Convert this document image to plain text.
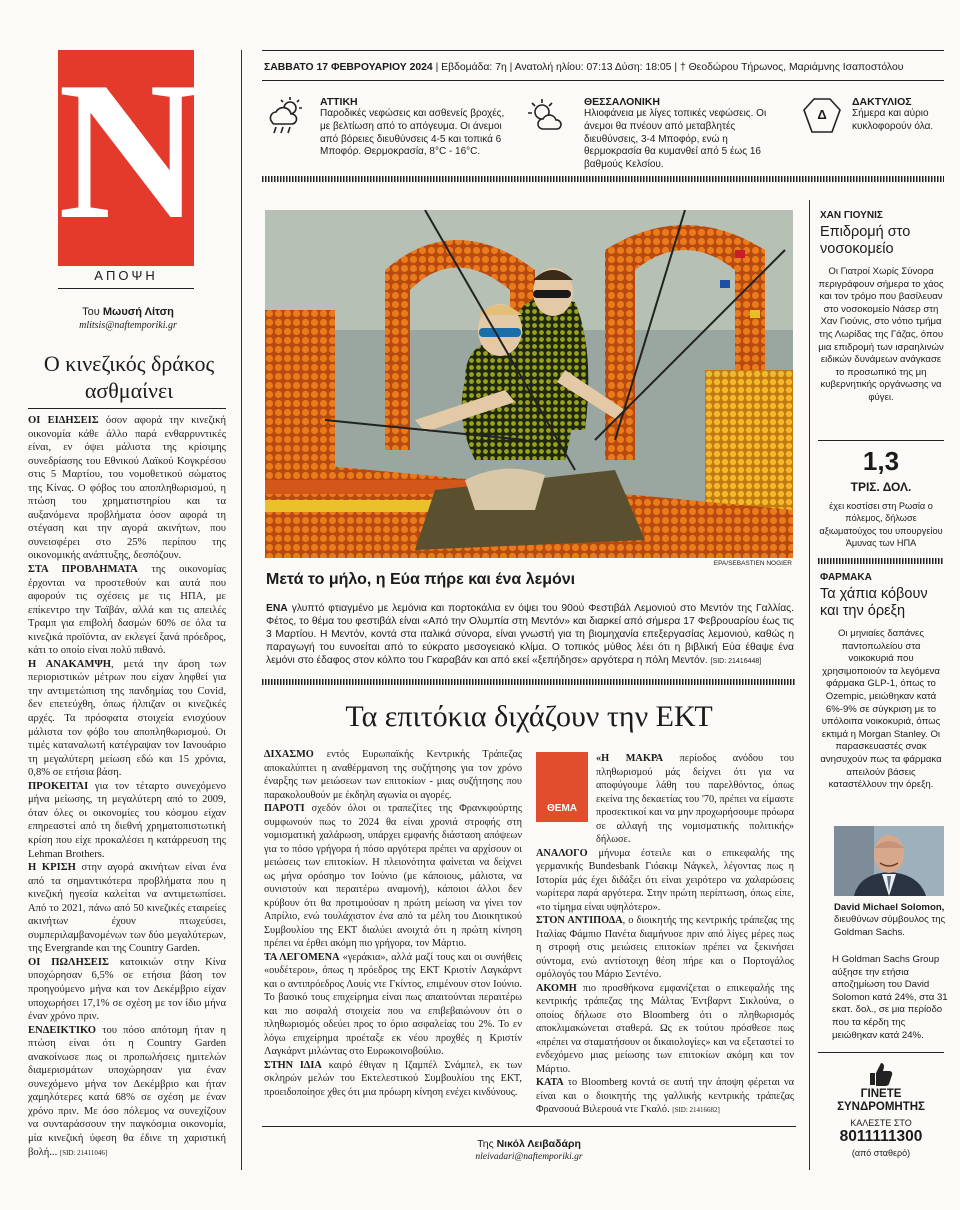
N
ΑΠΟΨΗ
Του Μωυσή Λίτση
mlitsis@naftemporiki.gr
Ο κινεζικός δράκος ασθμαίνει

ΟΙ ΕΙΔΗΣΕΙΣ όσον αφορά την κινεζική οικονομία κάθε άλλο παρά ενθαρρυντικές είναι, εν όψει μάλιστα της κρίσιμης συνεδρίασης του Εθνικού Λαϊκού Κογκρέσου στις 5 Μαρτίου, του νομοθετικού σώματος της Κίνας. Ο φόβος του αποπληθωρισμού, η πτώση του χρηματιστηρίου και τα αυξανόμενα προβλήματα όσον αφορά τη στέγαση και την αγορά ακινήτων, που συνεισφέρει στο 25% περίπου της οικονομικής ανάπτυξης, δεσπόζουν.

ΣΤΑ ΠΡΟΒΛΗΜΑΤΑ της οικονομίας έρχονται να προστεθούν και αυτά που αφορούν τις σχέσεις με τις ΗΠΑ, με επίκεντρο την Ταϊβάν, αλλά και τις απειλές Τραμπ για επιβολή δασμών 60% σε όλα τα κινεζικά προϊόντα, αν εκλεγεί ξανά πρόεδρος, κάτι το οποίο είναι πολύ πιθανό.

Η ΑΝΑΚΑΜΨΗ, μετά την άρση των περιοριστικών μέτρων που είχαν ληφθεί για την αντιμετώπιση της πανδημίας του Covid, δεν επετεύχθη, όπως ήλπιζαν οι κινεζικές αρχές. Τα πρόσφατα στοιχεία ενισχύουν μάλιστα τον φόβο του αποπληθωρισμού. Οι τιμές καταναλωτή κατέγραψαν τον Ιανουάριο τη μεγαλύτερη μείωση εδώ και 15 χρόνια, 0,8% σε ετήσια βάση.

ΠΡΟΚΕΙΤΑΙ για τον τέταρτο συνεχόμενο μήνα μείωσης, τη μεγαλύτερη από το 2009, όταν όλες οι οικονομίες του κόσμου είχαν επηρεαστεί από τη διεθνή χρηματοπιστωτική κρίση που είχε προκαλέσει η κατάρρευση της Lehman Brothers.

Η ΚΡΙΣΗ στην αγορά ακινήτων είναι ένα από τα σημαντικότερα προβλήματα που η κινεζική ηγεσία καλείται να αντιμετωπίσει. Από το 2021, πάνω από 50 κινεζικές εταιρείες ακινήτων έχουν πτωχεύσει, συμπεριλαμβανομένων των δύο μεγαλύτερων, της Evergrande και της Country Garden.

ΟΙ ΠΩΛΗΣΕΙΣ κατοικιών στην Κίνα υποχώρησαν 6,5% σε ετήσια βάση τον προηγούμενο μήνα και τον Δεκέμβριο είχαν υποχωρήσει 17,1% σε σχέση με τον ίδιο μήνα έναν χρόνο πριν.

ΕΝΔΕΙΚΤΙΚΟ του πόσο απότομη ήταν η πτώση είναι ότι η Country Garden ανακοίνωσε πως οι προπωλήσεις ημιτελών διαμερισμάτων υποχώρησαν για έναν συνεχόμενο μήνα τον Δεκέμβριο και ήταν χαμηλότερες κατά 68% σε σχέση με έναν χρόνο πριν. Με όσο πόλεμος να συνεχίζουν να συνταράσσουν την παγκόσμια οικονομία, μία κινεζική ύφεση θα έδινε τη χαριστική βολή... [SID: 21411046]

ΣΑΒΒΑΤΟ 17 ΦΕΒΡΟΥΑΡΙΟΥ 2024 | Εβδομάδα: 7η | Ανατολή ηλίου: 07:13 Δύση: 18:05 | † Θεοδώρου Τήρωνος, Μαριάμνης Ισαποστόλου
ΑΤΤΙΚΗ
Παροδικές νεφώσεις και ασθενείς βροχές, με βελτίωση από το απόγευμα. Οι άνεμοι από βόρειες διευθύνσεις 4-5 και τοπικά 6 Μποφόρ. Θερμοκρασία, 8°C - 16°C.
ΘΕΣΣΑΛΟΝΙΚΗ
Ηλιοφάνεια με λίγες τοπικές νεφώσεις. Οι άνεμοι θα πνέουν από μεταβλητές διευθύνσεις, 3-4 Μποφόρ, ενώ η θερμοκρασία θα κυμανθεί από 5 έως 16 βαθμούς Κελσίου.
Δ
ΔΑΚΤΥΛΙΟΣ
Σήμερα και αύριο κυκλοφορούν όλα.
EPA/SEBASTIEN NOGIER
Μετά το μήλο, η Εύα πήρε και ένα λεμόνι
ΕΝΑ γλυπτό φτιαγμένο με λεμόνια και πορτοκάλια εν όψει του 90ού Φεστιβάλ Λεμονιού στο Μεντόν της Γαλλίας. Φέτος, το θέμα του φεστιβάλ είναι «Από την Ολυμπία στη Μεντόν» και διαρκεί από σήμερα 17 Φεβρουαρίου έως τις 3 Μαρτίου. Η Μεντόν, κοντά στα ιταλικά σύνορα, είναι γνωστή για τη βιομηχανία επεξεργασίας λεμονιού, καθώς η παραγωγή του ευνοείται από το εύκρατο μεσογειακό κλίμα. Ο τοπικός μύθος λέει ότι η βιβλική Εύα έθαψε ένα λεμόνι στο έδαφος στον κόλπο του Γκαραβάν και από εκεί «ξεπήδησε» αργότερα η πόλη Μεντόν. [SID: 21416448]
Τα επιτόκια διχάζουν την ΕΚΤ

ΔΙΧΑΣΜΟ εντός Ευρωπαϊκής Κεντρικής Τράπεζας αποκαλύπτει η αναθέρμανση της συζήτησης για τον χρόνο έναρξης των μειώσεων των επιτοκίων - μιας συζήτησης που παρακολουθούν με έκδηλη αγωνία οι αγορές.

ΠΑΡΟΤΙ σχεδόν όλοι οι τραπεζίτες της Φρανκφούρτης συμφωνούν πως το 2024 θα είναι χρονιά στροφής στη νομισματική χαλάρωση, υπάρχει εμφανής διάσταση απόψεων για το πόσο γρήγορα ή πόσο αργότερα πρέπει να αρχίσουν οι μειώσεις των επιτοκίων. Η πλειονότητα φαίνεται να δείχνει ως μήνα ορόσημο τον Ιούνιο (με κάποιους, μάλιστα, να συνιστούν και περαιτέρω αναμονή), κάποιοι άλλοι δεν κρύβουν ότι θα προτιμούσαν η πρώτη μείωση να γίνει τον Απρίλιο, ενώ τουλάχιστον ένα από τα μέλη του Διοικητικού Συμβουλίου της ΕΚΤ διαλύει ανοιχτά ότι η πρώτη κίνηση πρέπει να έρθει ακόμη πιο γρήγορα, τον Μάρτιο.

ΤΑ ΛΕΓΟΜΕΝΑ «γεράκια», αλλά μαζί τους και οι συνήθεις «ουδέτεροι», όπως η πρόεδρος της ΕΚΤ Κριστίν Λαγκάρντ και ο αντιπρόεδρος Λουίς ντε Γκίντος, επιμένουν στον Ιούνιο. Το βασικό τους επιχείρημα είναι πως απαιτούνται περαιτέρω και πιο ασφαλή στοιχεία που να επιβεβαιώνουν ότι ο πληθωρισμός οδεύει προς το όριο ασφαλείας του 2%. Το εν λόγω επιχείρημα προέταξε εκ νέου προχθές η Κριστίν Λαγκάρντ μιλώντας στο Ευρωκοινοβούλιο.

ΣΤΗΝ ΙΔΙΑ καιρό έθιγαν η Ιζαμπέλ Σνάμπελ, εκ των σκληρών μελών του Εκτελεστικού Συμβουλίου της ΕΚΤ, προειδοποίησε χθες ότι μια πρόωρη κίνηση ενέχει κινδύνους.

ΘΕΜΑ

«Η ΜΑΚΡΑ περίοδος ανόδου του πληθωρισμού μάς δείχνει ότι για να αποφύγουμε λάθη του παρελθόντος, όπως εκείνα της δεκαετίας του '70, πρέπει να είμαστε προσεκτικοί και να μην προχωρήσουμε πρόωρα σε αλλαγή της νομισματικής πολιτικής» δήλωσε.

ΑΝΑΛΟΓΟ μήνυμα έστειλε και ο επικεφαλής της γερμανικής Bundesbank Γιόακιμ Νάγκελ, λέγοντας πως η Ιστορία μάς έχει διδάξει ότι είναι χειρότερο να χαλαρώσεις νωρίτερα παρά αργότερα. Στην πρώτη περίπτωση, όπως είπε, «το τίμημα είναι υψηλότερο».

ΣΤΟΝ ΑΝΤΙΠΟΔΑ, ο διοικητής της κεντρικής τράπεζας της Ιταλίας Φάμπιο Πανέτα διαμήνυσε πριν από λίγες μέρες πως η στροφή στις μειώσεις επιτοκίων πρέπει να ξεκινήσει σύντομα, ενώ αντίστοιχη θέση πήρε και ο Πορτογάλος ομόλογός του Μάριο Σεντένο.

ΑΚΟΜΗ πιο προσθήκονα εμφανίζεται ο επικεφαλής της κεντρικής τράπεζας της Μάλτας Έντβαρντ Σικλούνα, ο οποίος δήλωσε στο Bloomberg ότι ο πληθωρισμός αποκλιμακώνεται σταθερά. Ως εκ τούτου πρόσθεσε πως «πρέπει να σταματήσουν οι δικαιολογίες» και να εξεταστεί το ενδεχόμενο μιας μείωσης των επιτοκίων ακόμη και τον Μάρτιο.

ΚΑΤΑ το Bloomberg κοντά σε αυτή την άποψη φέρεται να είναι και ο διοικητής της γαλλικής κεντρικής τράπεζας Φρανσουά Βιλερουά ντε Γκαλό. [SID: 21416682]

Της Νικόλ Λειβαδάρη
nleivadari@naftemporiki.gr
ΧΑΝ ΓΙΟΥΝΙΣ
Επιδρομή στο νοσοκομείο
Οι Γιατροί Χωρίς Σύνορα περιγράφουν σήμερα το χάος και τον τρόμο που βασίλευαν στο νοσοκομείο Νάσερ στη Χαν Γιούνις, στο νότιο τμήμα της Λωρίδας της Γάζας, όπου μια επιδρομή των ισραηλινών ειδικών δυνάμεων ανάγκασε το προσωπικό της μη κυβερνητικής οργάνωσης να φύγει.
1,3
ΤΡΙΣ. ΔΟΛ.
έχει κοστίσει στη Ρωσία ο πόλεμος, δήλωσε αξιωματούχος του υπουργείου Άμυνας των ΗΠΑ
ΦΑΡΜΑΚΑ
Τα χάπια κόβουν και την όρεξη
Οι μηνιαίες δαπάνες παντοπωλείου στα νοικοκυριά που χρησιμοποιούν τα λεγόμενα φάρμακα GLP-1, όπως το Ozempic, μειώθηκαν κατά 6%-9% σε σύγκριση με το υπόλοιπα νοικοκυριά, όπως εκτιμά η Morgan Stanley. Οι παρασκευαστές σνακ ανησυχούν πως τα φάρμακα απειλούν βάσεις καταστέλλουν την όρεξη.
David Michael Solomon,
διευθύνων σύμβουλος της Goldman Sachs.
Η Goldman Sachs Group αύξησε την ετήσια αποζημίωση του David Solomon κατά 24%, στα 31 εκατ. δολ., σε μια περίοδο που τα κέρδη της μειώθηκαν κατά 24%.
ΓΙΝΕΤΕ
ΣΥΝΔΡΟΜΗΤΗΣ
ΚΑΛΕΣΤΕ ΣΤΟ
8011111300
(από σταθερό)
